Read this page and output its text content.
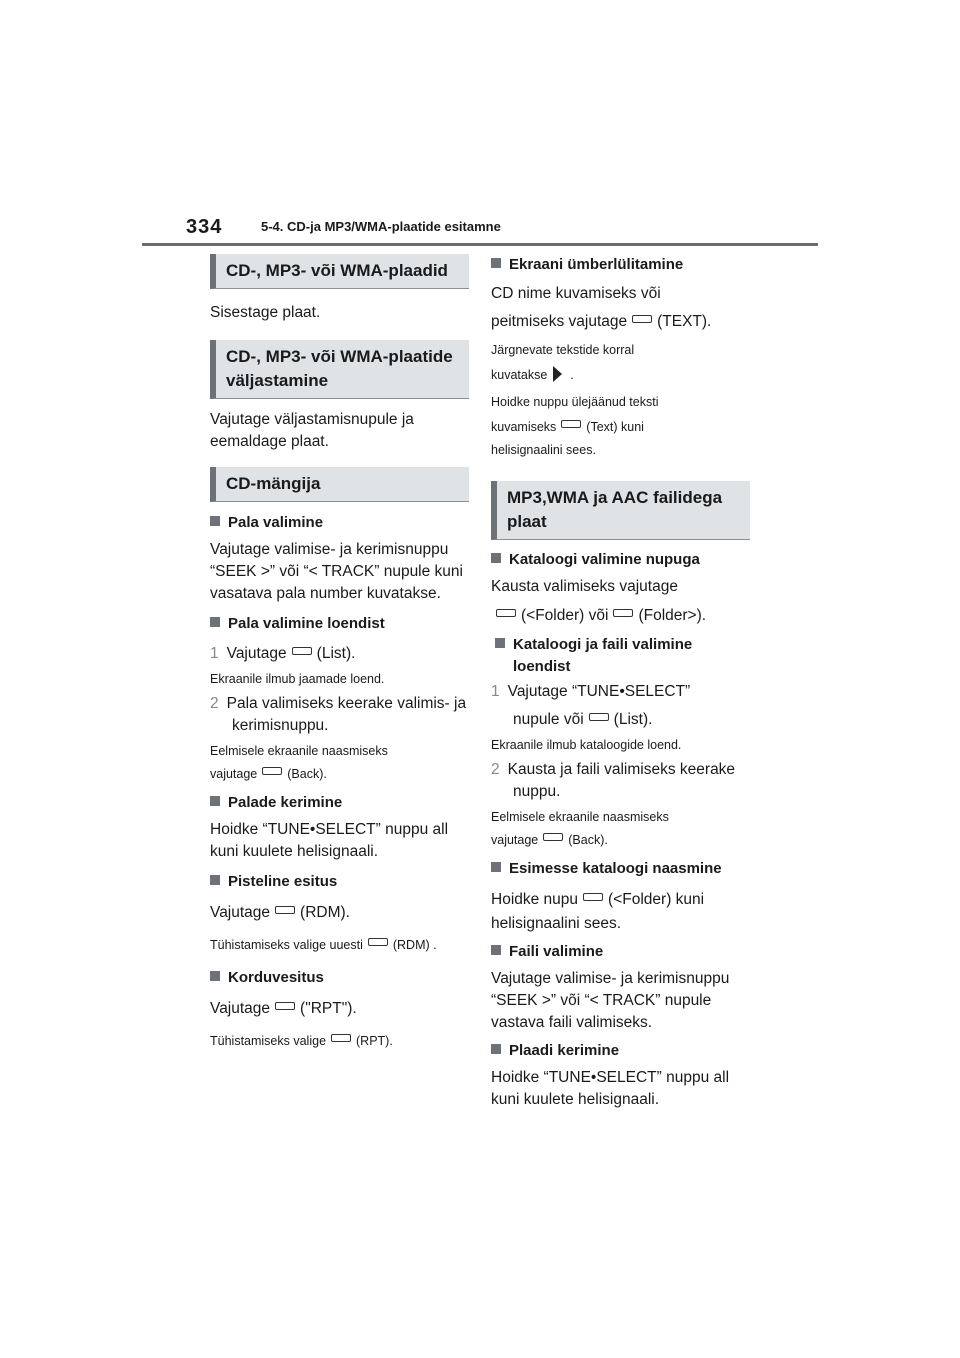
334	5-4. CD-ja MP3/WMA-plaatide esitamne
CD-, MP3- või WMA-plaadid

Sisestage plaat.

CD-, MP3- või WMA-plaatide väljastamine

Vajutage väljastamisnupule ja eemaldage plaat.

CD-mängija

Pala valimine

Vajutage valimise- ja kerimisnuppu “SEEK >” või “< TRACK” nupule kuni vasatava pala number kuvatakse.

Pala valimine loendist

1 Vajutage (List).

Ekraanile ilmub jaamade loend.

2 Pala valimiseks keerake valimis- ja kerimisnuppu.

Eelmisele ekraanile naasmiseks

vajutage (Back).

Palade kerimine

Hoidke “TUNE•SELECT” nuppu all kuni kuulete helisignaali.

Pisteline esitus

Vajutage (RDM).

Tühistamiseks valige uuesti (RDM) .

Korduvesitus

Vajutage ("RPT").

Tühistamiseks valige (RPT).

Ekraani ümberlülitamine

CD nime kuvamiseks või

peitmiseks vajutage (TEXT).

Järgnevate tekstide korral

kuvatakse .

Hoidke nuppu ülejäänud teksti

kuvamiseks (Text) kuni

helisignaalini sees.

MP3,WMA ja AAC failidega plaat

Kataloogi valimine nupuga

Kausta valimiseks vajutage

(<Folder) või (Folder>).

Kataloogi ja faili valimine loendist

1 Vajutage “TUNE•SELECT”

nupule või (List).

Ekraanile ilmub kataloogide loend.

2 Kausta ja faili valimiseks keerake nuppu.

Eelmisele ekraanile naasmiseks

vajutage (Back).

Esimesse kataloogi naasmine

Hoidke nupu (<Folder) kuni

helisignaalini sees.

Faili valimine

Vajutage valimise- ja kerimisnuppu “SEEK >” või “< TRACK” nupule vastava faili valimiseks.

Plaadi kerimine

Hoidke “TUNE•SELECT” nuppu all kuni kuulete helisignaali.
